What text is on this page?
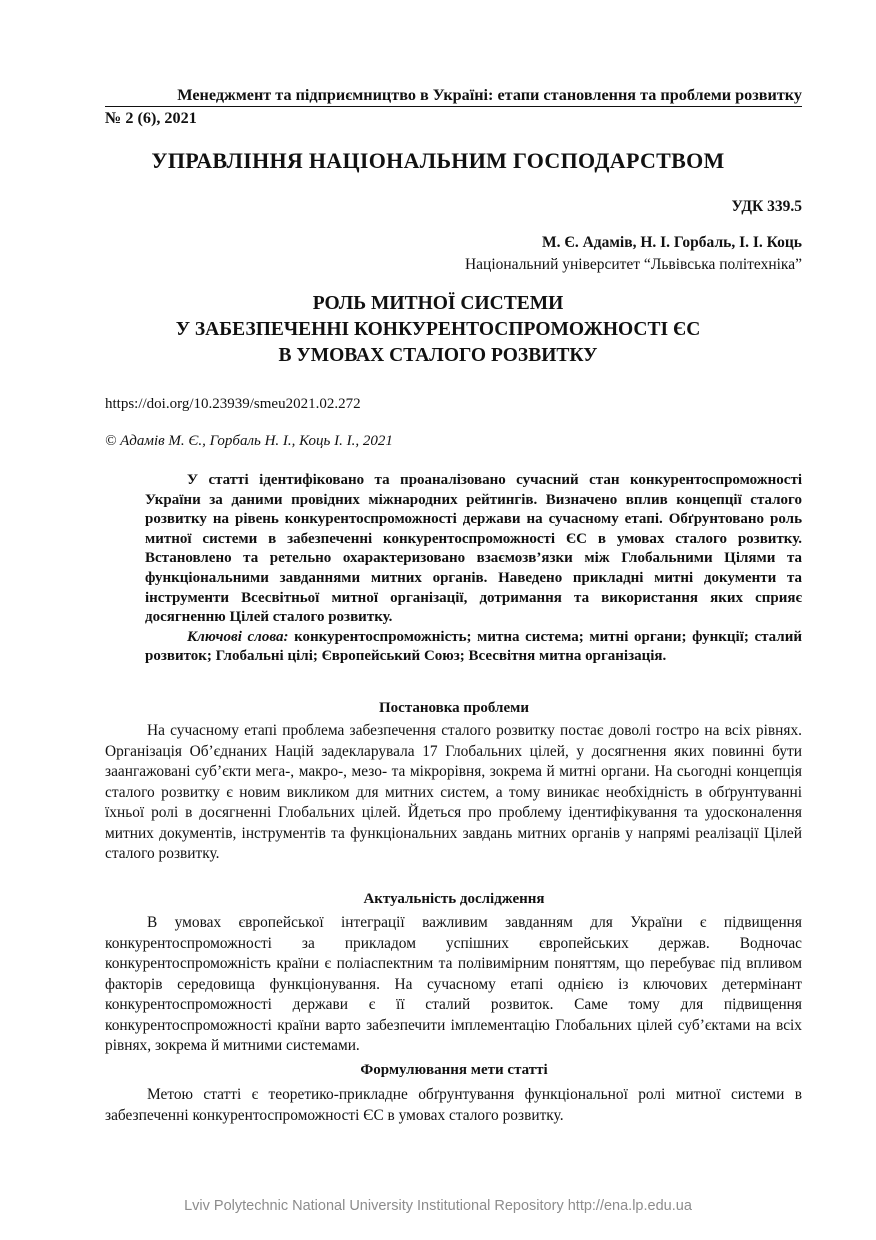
Менеджмент та підприємництво в Україні: етапи становлення та проблеми розвитку
№ 2 (6), 2021
УПРАВЛІННЯ НАЦІОНАЛЬНИМ ГОСПОДАРСТВОМ
УДК 339.5
М. Є. Адамів, Н. І. Горбаль, І. І. Коць
Національний університет “Львівська політехніка”
РОЛЬ МИТНОЇ СИСТЕМИ
У ЗАБЕЗПЕЧЕННІ КОНКУРЕНТОСПРОМОЖНОСТІ ЄС
В УМОВАХ СТАЛОГО РОЗВИТКУ
https://doi.org/10.23939/smeu2021.02.272
© Адамів М. Є., Горбаль Н. І., Коць І. І., 2021

У статті ідентифіковано та проаналізовано сучасний стан конкурентоспроможності України за даними провідних міжнародних рейтингів. Визначено вплив концепції сталого розвитку на рівень конкурентоспроможності держави на сучасному етапі. Обґрунтовано роль митної системи в забезпеченні конкурентоспроможності ЄС в умовах сталого розвитку. Встановлено та ретельно охарактеризовано взаємозв’язки між Глобальними Цілями та функціональними завданнями митних органів. Наведено прикладні митні документи та інструменти Всесвітньої митної організації, дотримання та використання яких сприяє досягненню Цілей сталого розвитку.

Ключові слова: конкурентоспроможність; митна система; митні органи; функції; сталий розвиток; Глобальні цілі; Європейський Союз; Всесвітня митна організація.

Постановка проблеми

На сучасному етапі проблема забезпечення сталого розвитку постає доволі гостро на всіх рівнях. Організація Об’єднаних Націй задекларувала 17 Глобальних цілей, у досягнення яких повинні бути заангажовані суб’єкти мега-, макро-, мезо- та мікрорівня, зокрема й митні органи. На сьогодні концепція сталого розвитку є новим викликом для митних систем, а тому виникає необхідність в обґрунтуванні їхньої ролі в досягненні Глобальних цілей. Йдеться про проблему ідентифікування та удосконалення митних документів, інструментів та функціональних завдань митних органів у напрямі реалізації Цілей сталого розвитку.

Актуальність дослідження

В умовах європейської інтеграції важливим завданням для України є підвищення конкурентоспроможності за прикладом успішних європейських держав. Водночас конкурентоспроможність країни є поліаспектним та полівимірним поняттям, що перебуває під впливом факторів середовища функціонування. На сучасному етапі однією із ключових детермінант конкурентоспроможності держави є її сталий розвиток. Саме тому для підвищення конкурентоспроможності країни варто забезпечити імплементацію Глобальних цілей суб’єктами на всіх рівнях, зокрема й митними системами.

Формулювання мети статті

Метою статті є теоретико-прикладне обґрунтування функціональної ролі митної системи в забезпеченні конкурентоспроможності ЄС в умовах сталого розвитку.

Lviv Polytechnic National University Institutional Repository http://ena.lp.edu.ua
